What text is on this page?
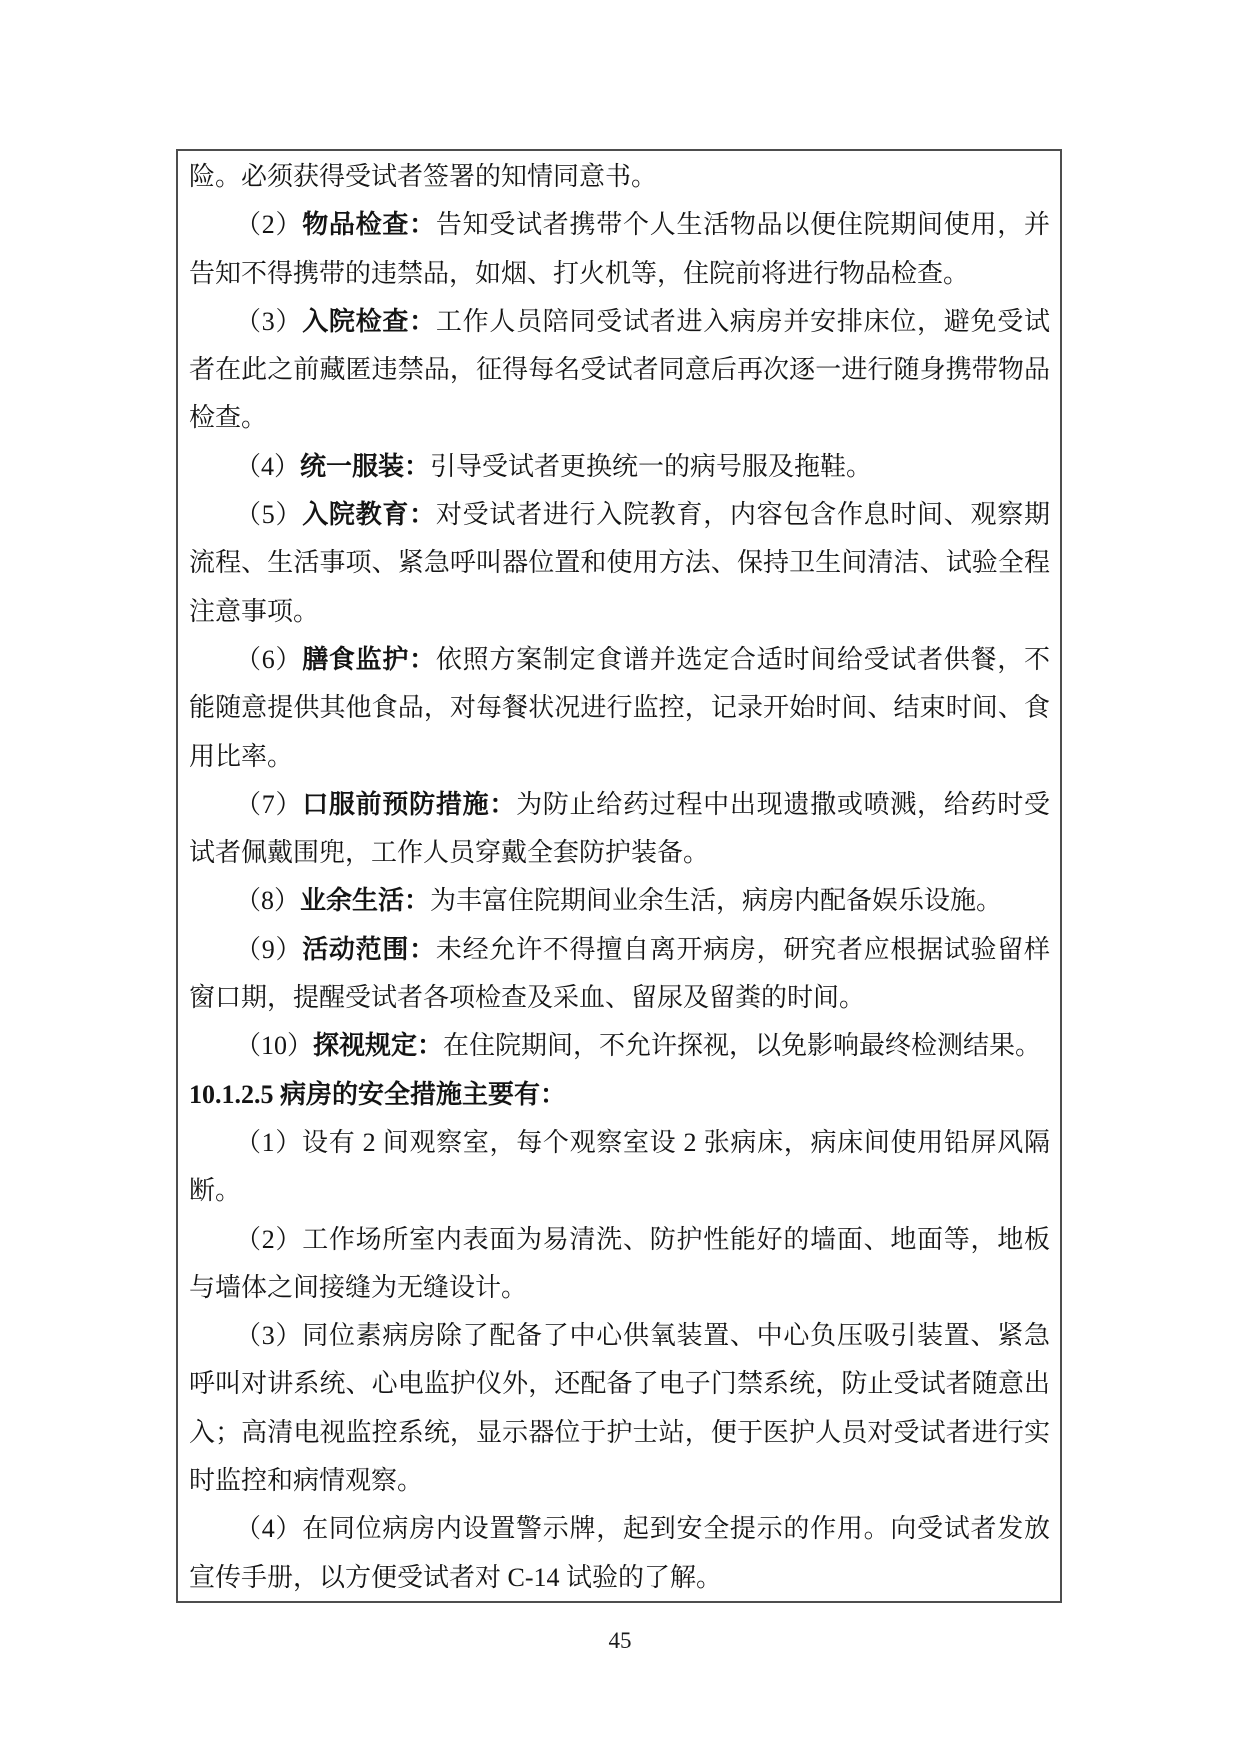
险。必须获得受试者签署的知情同意书。

（2）物品检查：告知受试者携带个人生活物品以便住院期间使用，并告知不得携带的违禁品，如烟、打火机等，住院前将进行物品检查。

（3）入院检查：工作人员陪同受试者进入病房并安排床位，避免受试者在此之前藏匿违禁品，征得每名受试者同意后再次逐一进行随身携带物品检查。

（4）统一服装：引导受试者更换统一的病号服及拖鞋。

（5）入院教育：对受试者进行入院教育，内容包含作息时间、观察期流程、生活事项、紧急呼叫器位置和使用方法、保持卫生间清洁、试验全程注意事项。

（6）膳食监护：依照方案制定食谱并选定合适时间给受试者供餐，不能随意提供其他食品，对每餐状况进行监控，记录开始时间、结束时间、食用比率。

（7）口服前预防措施：为防止给药过程中出现遗撒或喷溅，给药时受试者佩戴围兜，工作人员穿戴全套防护装备。

（8）业余生活：为丰富住院期间业余生活，病房内配备娱乐设施。

（9）活动范围：未经允许不得擅自离开病房，研究者应根据试验留样窗口期，提醒受试者各项检查及采血、留尿及留粪的时间。

（10）探视规定：在住院期间，不允许探视，以免影响最终检测结果。

10.1.2.5 病房的安全措施主要有：

（1）设有 2 间观察室，每个观察室设 2 张病床，病床间使用铅屏风隔断。

（2）工作场所室内表面为易清洗、防护性能好的墙面、地面等，地板与墙体之间接缝为无缝设计。

（3）同位素病房除了配备了中心供氧装置、中心负压吸引装置、紧急呼叫对讲系统、心电监护仪外，还配备了电子门禁系统，防止受试者随意出入；高清电视监控系统，显示器位于护士站，便于医护人员对受试者进行实时监控和病情观察。

（4）在同位病房内设置警示牌，起到安全提示的作用。向受试者发放宣传手册，以方便受试者对 C-14 试验的了解。

45
